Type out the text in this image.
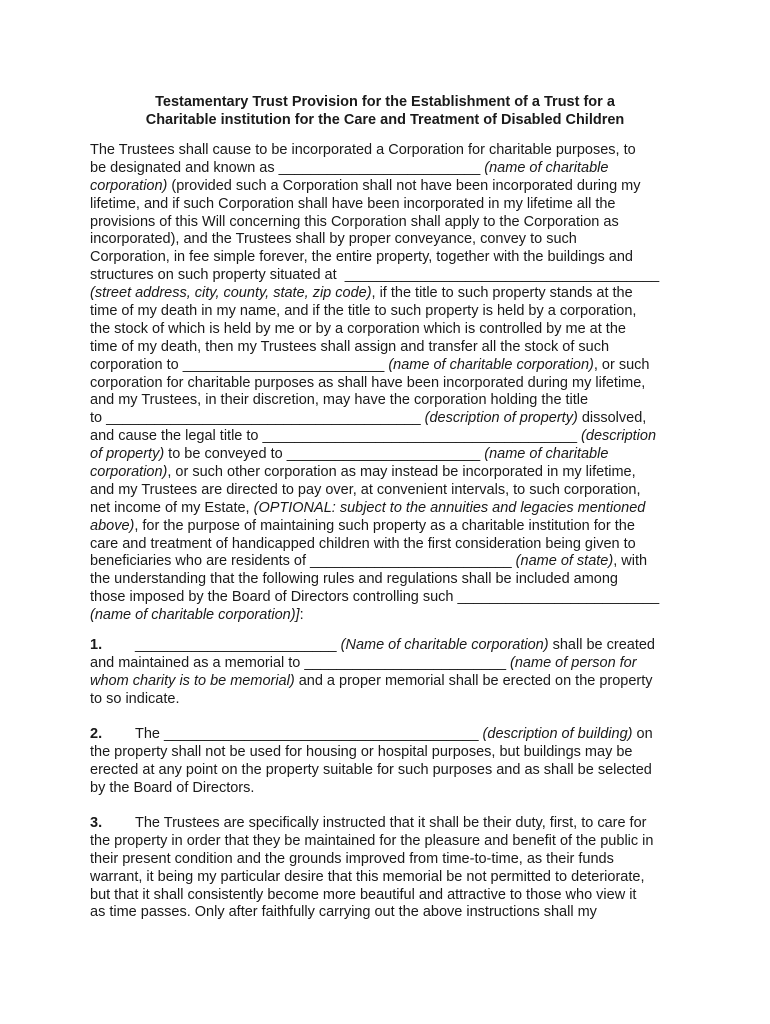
Testamentary Trust Provision for the Establishment of a Trust for a
Charitable institution for the Care and Treatment of Disabled Children
The Trustees shall cause to be incorporated a Corporation for charitable purposes, to
be designated and known as _________________________ (name of charitable
corporation) (provided such a Corporation shall not have been incorporated during my
lifetime, and if such Corporation shall have been incorporated in my lifetime all the
provisions of this Will concerning this Corporation shall apply to the Corporation as
incorporated), and the Trustees shall by proper conveyance, convey to such
Corporation, in fee simple forever, the entire property, together with the buildings and
structures on such property situated at  _______________________________________
(street address, city, county, state, zip code), if the title to such property stands at the
time of my death in my name, and if the title to such property is held by a corporation,
the stock of which is held by me or by a corporation which is controlled by me at the
time of my death, then my Trustees shall assign and transfer all the stock of such
corporation to _________________________ (name of charitable corporation), or such
corporation for charitable purposes as shall have been incorporated during my lifetime,
and my Trustees, in their discretion, may have the corporation holding the title
to _______________________________________ (description of property) dissolved,
and cause the legal title to _______________________________________ (description
of property) to be conveyed to ________________________ (name of charitable
corporation), or such other corporation as may instead be incorporated in my lifetime,
and my Trustees are directed to pay over, at convenient intervals, to such corporation,
net income of my Estate, (OPTIONAL: subject to the annuities and legacies mentioned
above), for the purpose of maintaining such property as a charitable institution for the
care and treatment of handicapped children with the first consideration being given to
beneficiaries who are residents of _________________________ (name of state), with
the understanding that the following rules and regulations shall be included among
those imposed by the Board of Directors controlling such _________________________
(name of charitable corporation)]:
1. _________________________ (Name of charitable corporation) shall be created
and maintained as a memorial to _________________________ (name of person for
whom charity is to be memorial) and a proper memorial shall be erected on the property
to so indicate.
2. The _______________________________________ (description of building) on
the property shall not be used for housing or hospital purposes, but buildings may be
erected at any point on the property suitable for such purposes and as shall be selected
by the Board of Directors.
3. The Trustees are specifically instructed that it shall be their duty, first, to care for
the property in order that they be maintained for the pleasure and benefit of the public in
their present condition and the grounds improved from time-to-time, as their funds
warrant, it being my particular desire that this memorial be not permitted to deteriorate,
but that it shall consistently become more beautiful and attractive to those who view it
as time passes. Only after faithfully carrying out the above instructions shall my
